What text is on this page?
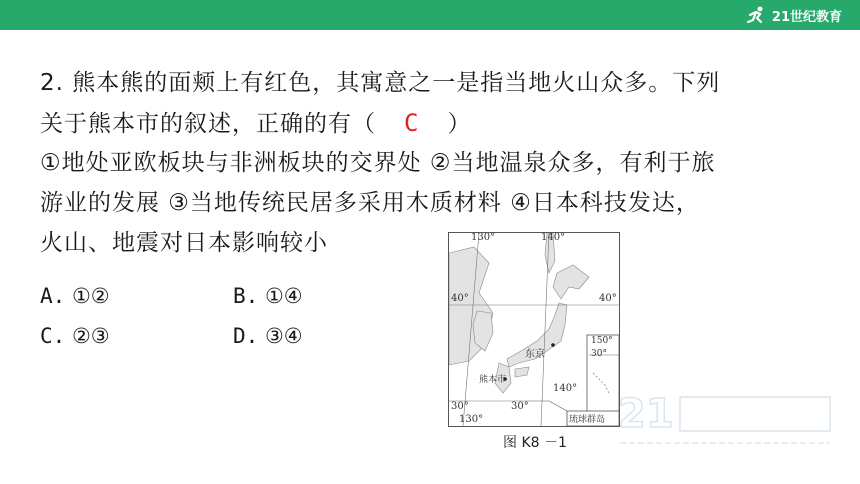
21世纪教育
2. 熊本熊的面颊上有红色，其寓意之一是指当地火山众多。下列
关于熊本市的叙述，正确的有（ C ）
①地处亚欧板块与非洲板块的交界处 ②当地温泉众多，有利于旅
游业的发展 ③当地传统民居多采用木质材料 ④日本科技发达，
火山、地震对日本影响较小
A. ①②	B. ①④
C. ②③	D. ③④
130°	140°
40°	40°
30°	30°
140°
130°
东京
熊本市
150°
30°
琉球群岛
图 K8 －1
21
